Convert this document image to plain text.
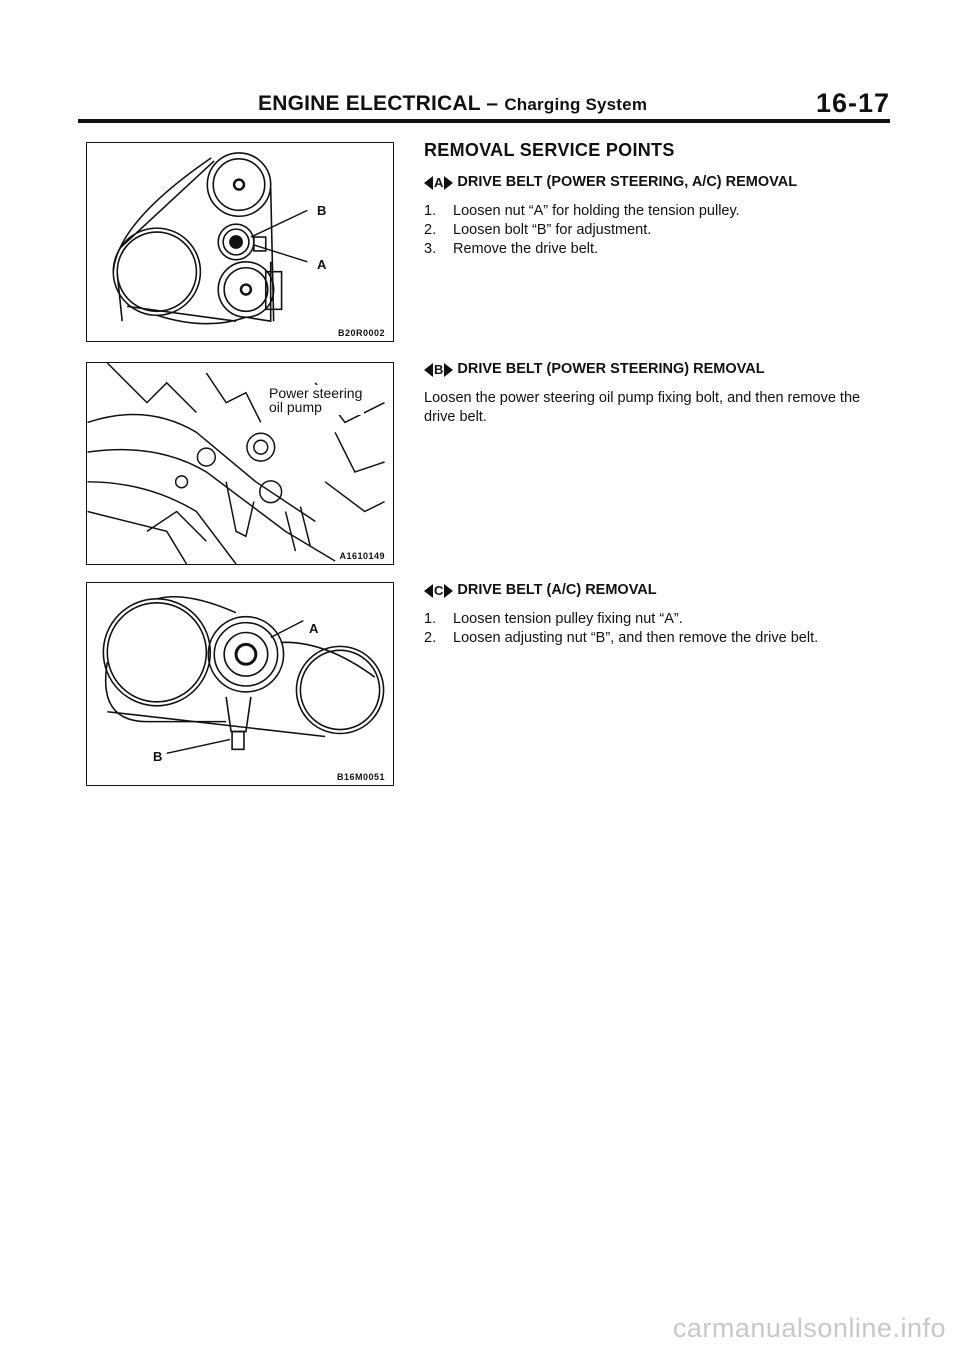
ENGINE ELECTRICAL – Charging System	16-17
B
A
B20R0002
Power steering
oil pump
A1610149
A
B
B16M0051
REMOVAL SERVICE POINTS
A DRIVE BELT (POWER STEERING, A/C) REMOVAL
1.	Loosen nut “A” for holding the tension pulley.
2.	Loosen bolt “B” for adjustment.
3.	Remove the drive belt.
B DRIVE BELT (POWER STEERING) REMOVAL
Loosen the power steering oil pump fixing bolt, and then remove the drive belt.
C DRIVE BELT (A/C) REMOVAL
1.	Loosen tension pulley fixing nut “A”.
2.	Loosen adjusting nut “B”, and then remove the drive belt.
carmanualsonline.info
